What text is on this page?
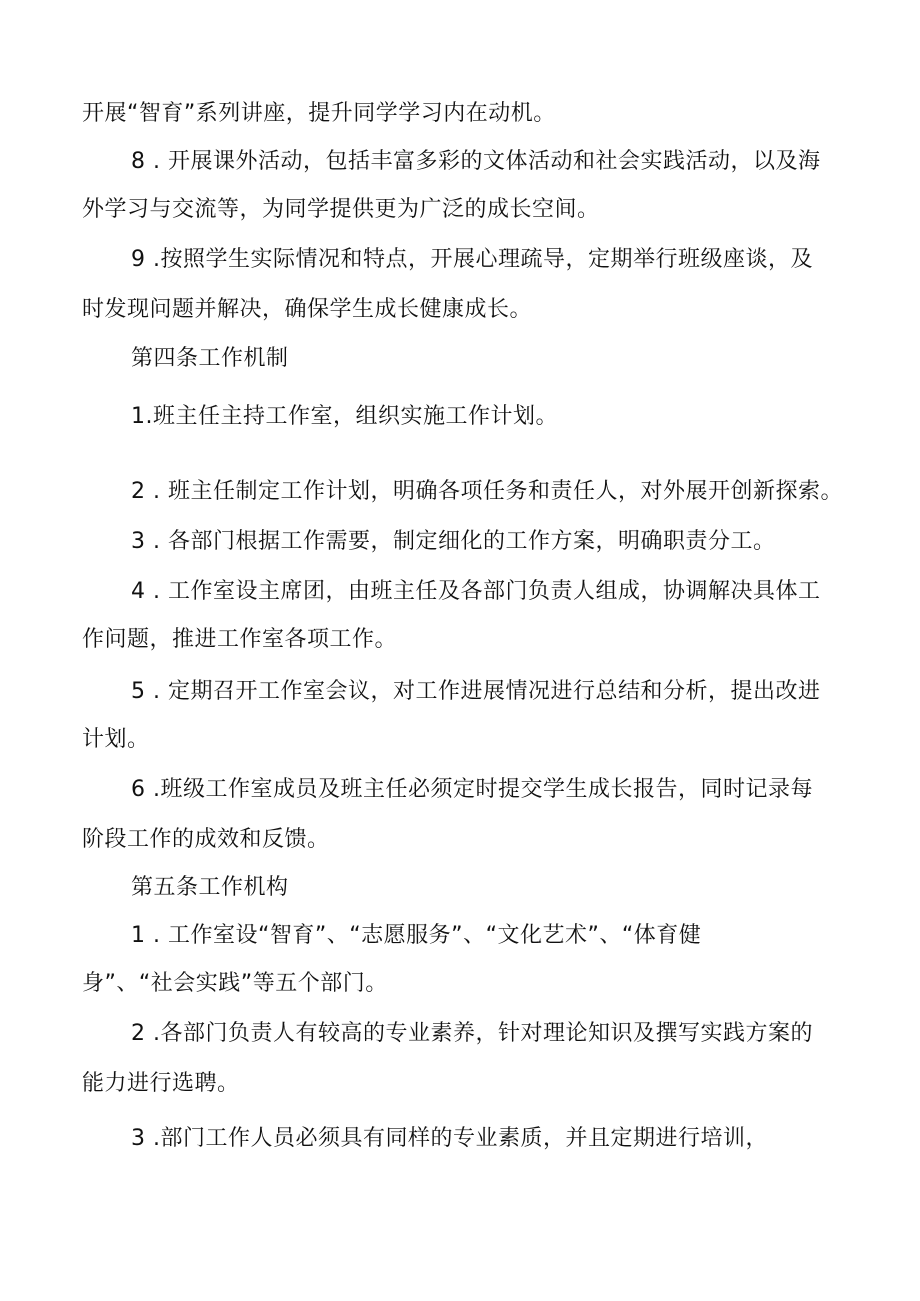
开展“智育”系列讲座，提升同学学习内在动机。
8 . 开展课外活动，包括丰富多彩的文体活动和社会实践活动，以及海
外学习与交流等，为同学提供更为广泛的成长空间。
9 .按照学生实际情况和特点，开展心理疏导，定期举行班级座谈，及
时发现问题并解决，确保学生成长健康成长。
第四条工作机制
1.班主任主持工作室，组织实施工作计划。
2 . 班主任制定工作计划，明确各项任务和责任人，对外展开创新探索。
3 . 各部门根据工作需要，制定细化的工作方案，明确职责分工。
4 . 工作室设主席团，由班主任及各部门负责人组成，协调解决具体工
作问题，推进工作室各项工作。
5 . 定期召开工作室会议，对工作进展情况进行总结和分析，提出改进
计划。
6 .班级工作室成员及班主任必须定时提交学生成长报告，同时记录每
阶段工作的成效和反馈。
第五条工作机构
1 . 工作室设“智育”、“志愿服务”、“文化艺术”、“体育健
身”、“社会实践”等五个部门。
2 .各部门负责人有较高的专业素养，针对理论知识及撰写实践方案的
能力进行选聘。
3 .部门工作人员必须具有同样的专业素质，并且定期进行培训，
